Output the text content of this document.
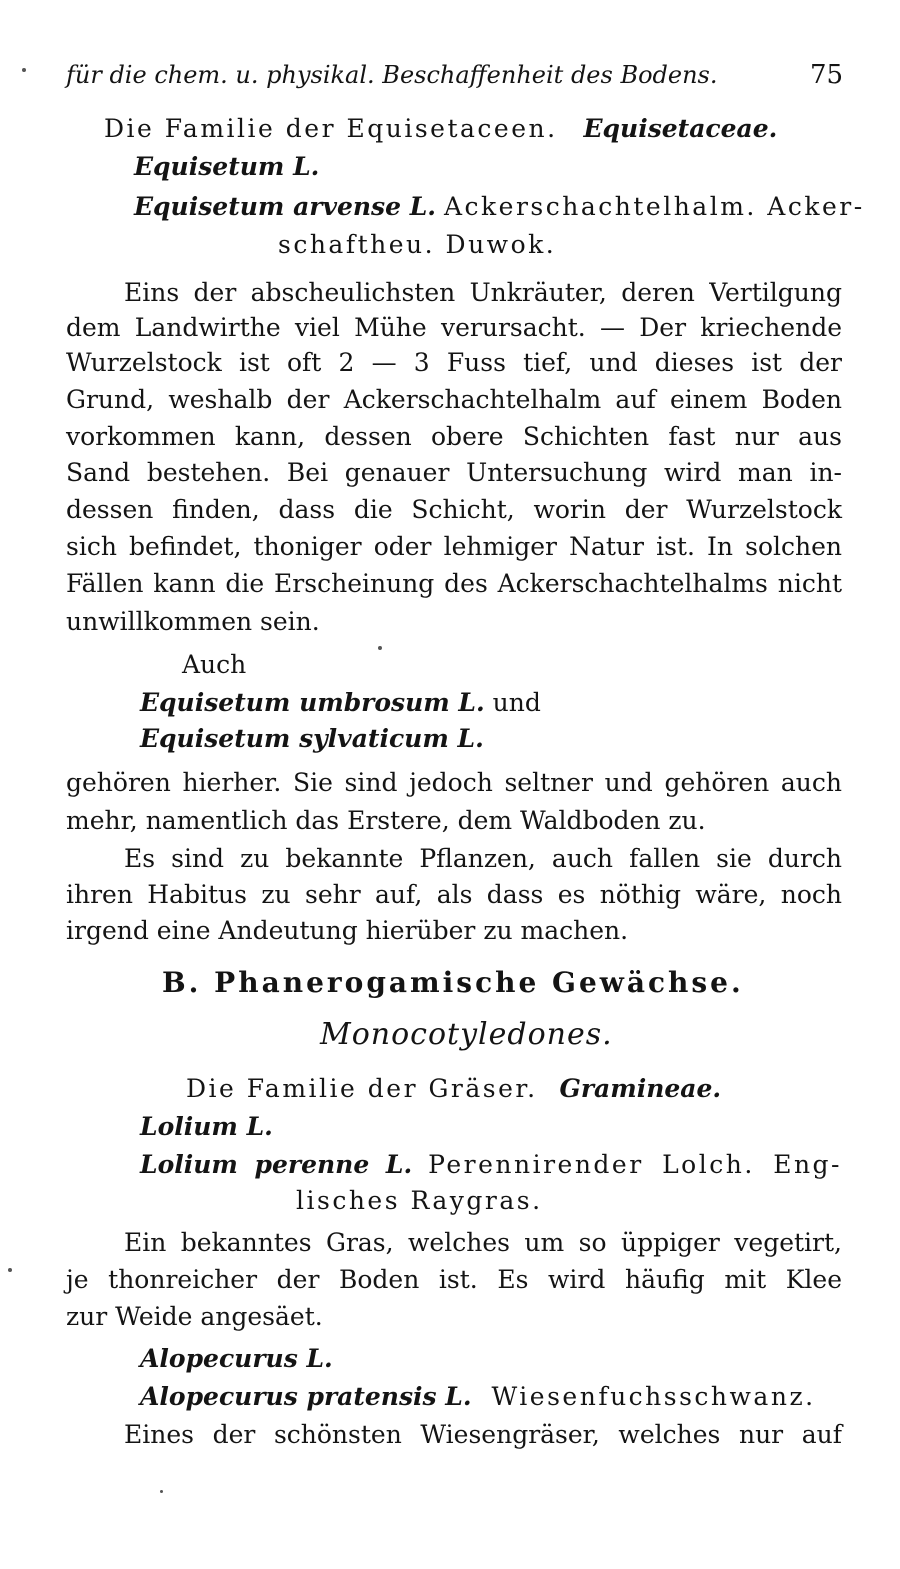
für die chem. u. physikal. Beschaffenheit des Bodens.	75
Die Familie der Equisetaceen. Equisetaceae.
Equisetum L.
Equisetum arvense L. Ackerschachtelhalm. Acker-
schaftheu. Duwok.
Eins der abscheulichsten Unkräuter, deren Vertilgung
dem Landwirthe viel Mühe verursacht. — Der kriechende
Wurzelstock ist oft 2 — 3 Fuss tief, und dieses ist der
Grund, weshalb der Ackerschachtelhalm auf einem Boden
vorkommen kann, dessen obere Schichten fast nur aus
Sand bestehen. Bei genauer Untersuchung wird man in-
dessen finden, dass die Schicht, worin der Wurzelstock
sich befindet, thoniger oder lehmiger Natur ist. In solchen
Fällen kann die Erscheinung des Ackerschachtelhalms nicht
unwillkommen sein.
Auch
Equisetum umbrosum L. und
Equisetum sylvaticum L.
gehören hierher. Sie sind jedoch seltner und gehören auch
mehr, namentlich das Erstere, dem Waldboden zu.
Es sind zu bekannte Pflanzen, auch fallen sie durch
ihren Habitus zu sehr auf, als dass es nöthig wäre, noch
irgend eine Andeutung hierüber zu machen.
B. Phanerogamische Gewächse.
Monocotyledones.
Die Familie der Gräser. Gramineae.
Lolium L.
Lolium perenne L. Perennirender Lolch. Eng-
lisches Raygras.
Ein bekanntes Gras, welches um so üppiger vegetirt,
je thonreicher der Boden ist. Es wird häufig mit Klee
zur Weide angesäet.
Alopecurus L.
Alopecurus pratensis L. Wiesenfuchsschwanz.
Eines der schönsten Wiesengräser, welches nur auf
